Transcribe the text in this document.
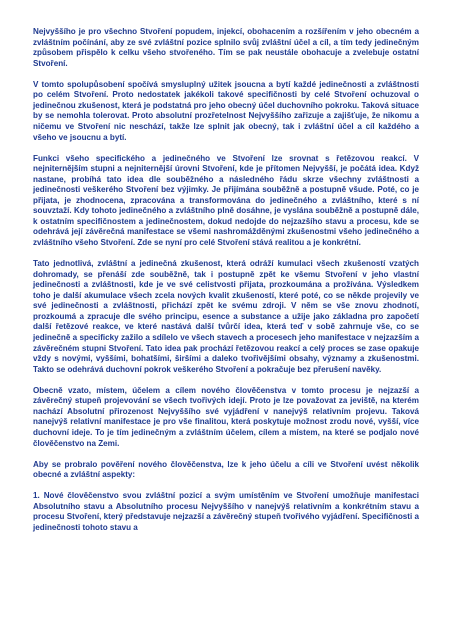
Nejvyššího je pro všechno Stvoření popudem, injekcí, obohacením a rozšířením v jeho obecném a zvláštním počínání, aby ze své zvláštní pozice splnilo svůj zvláštní účel a cíl, a tím tedy jedinečným způsobem přispělo k celku všeho stvořeného. Tím se pak neustále obohacuje a zvelebuje ostatní Stvoření.

V tomto spolupůsobení spočívá smysluplný užitek jsoucna a bytí každé jedinečnosti a zvláštnosti po celém Stvoření. Proto nedostatek jakékoli takové specifičnosti by celé Stvoření ochuzoval o jedinečnou zkušenost, která je podstatná pro jeho obecný účel duchovního pokroku. Taková situace by se nemohla tolerovat. Proto absolutní prozřetelnost Nejvyššího zařizuje a zajišťuje, že nikomu a ničemu ve Stvoření nic neschází, takže lze splnit jak obecný, tak i zvláštní účel a cíl každého a všeho ve jsoucnu a bytí.

Funkci všeho specifického a jedinečného ve Stvoření lze srovnat s řetězovou reakcí. V nejniternějším stupni a nejniternější úrovni Stvoření, kde je přítomen Nejvyšší, je počátá idea. Když nastane, probíhá tato idea dle souběžného a následného řádu skrze všechny zvláštnosti a jedinečnosti veškerého Stvoření bez výjimky. Je přijímána souběžně a postupně všude. Poté, co je přijata, je zhodnocena, zpracována a transformována do jedinečného a zvláštního, které s ní souvztaží. Kdy tohoto jedinečného a zvláštního plně dosáhne, je vyslána souběžně a postupně dále, k ostatním specifičnostem a jedinečnostem, dokud nedojde do nejzazšího stavu a procesu, kde se odehrává její závěrečná manifestace se všemi nashromážděnými zkušenostmi všeho jedinečného a zvláštního všeho Stvoření. Zde se nyní pro celé Stvoření stává realitou a je konkrétní.

Tato jednotlivá, zvláštní a jedinečná zkušenost, která odráží kumulaci všech zkušeností vzatých dohromady, se přenáší zde souběžně, tak i postupně zpět ke všemu Stvoření v jeho vlastní jedinečnosti a zvláštnosti, kde je ve své celistvosti přijata, prozkoumána a prožívána. Výsledkem toho je další akumulace všech zcela nových kvalit zkušeností, které poté, co se někde projevily ve své jedinečnosti a zvláštnosti, přichází zpět ke svému zdroji. V něm se vše znovu zhodnotí, prozkoumá a zpracuje dle svého principu, esence a substance a užije jako základna pro započetí další řetězové reakce, ve které nastává další tvůrčí idea, která teď v sobě zahrnuje vše, co se jedinečně a specificky zažilo a sdílelo ve všech stavech a procesech jeho manifestace v nejzazším a závěrečném stupni Stvoření. Tato idea pak prochází řetězovou reakcí a celý proces se zase opakuje vždy s novými, vyššími, bohatšími, širšími a daleko tvořivějšími obsahy, významy a zkušenostmi. Takto se odehrává duchovní pokrok veškerého Stvoření a pokračuje bez přerušení navěky.

Obecně vzato, místem, účelem a cílem nového člověčenstva v tomto procesu je nejzazší a závěrečný stupeň projevování se všech tvořivých idejí. Proto je lze považovat za jeviště, na kterém nachází Absolutní přirozenost Nejvyššího své vyjádření v nanejvýš relativním projevu. Taková nanejvýš relativní manifestace je pro vše finalitou, která poskytuje možnost zrodu nové, vyšší, více duchovní ideje. To je tím jedinečným a zvláštním účelem, cílem a místem, na které se podjalo nové člověčenstvo na Zemi.

Aby se probralo pověření nového člověčenstva, lze k jeho účelu a cíli ve Stvoření uvést několik obecné a zvláštní aspekty:

1. Nové člověčenstvo svou zvláštní pozicí a svým umístěním ve Stvoření umožňuje manifestaci Absolutního stavu a Absolutního procesu Nejvyššího v nanejvýš relativním a konkrétním stavu a procesu Stvoření, který představuje nejzazší a závěrečný stupeň tvořivého vyjádření. Specifičnosti a jedinečnosti tohoto stavu a
